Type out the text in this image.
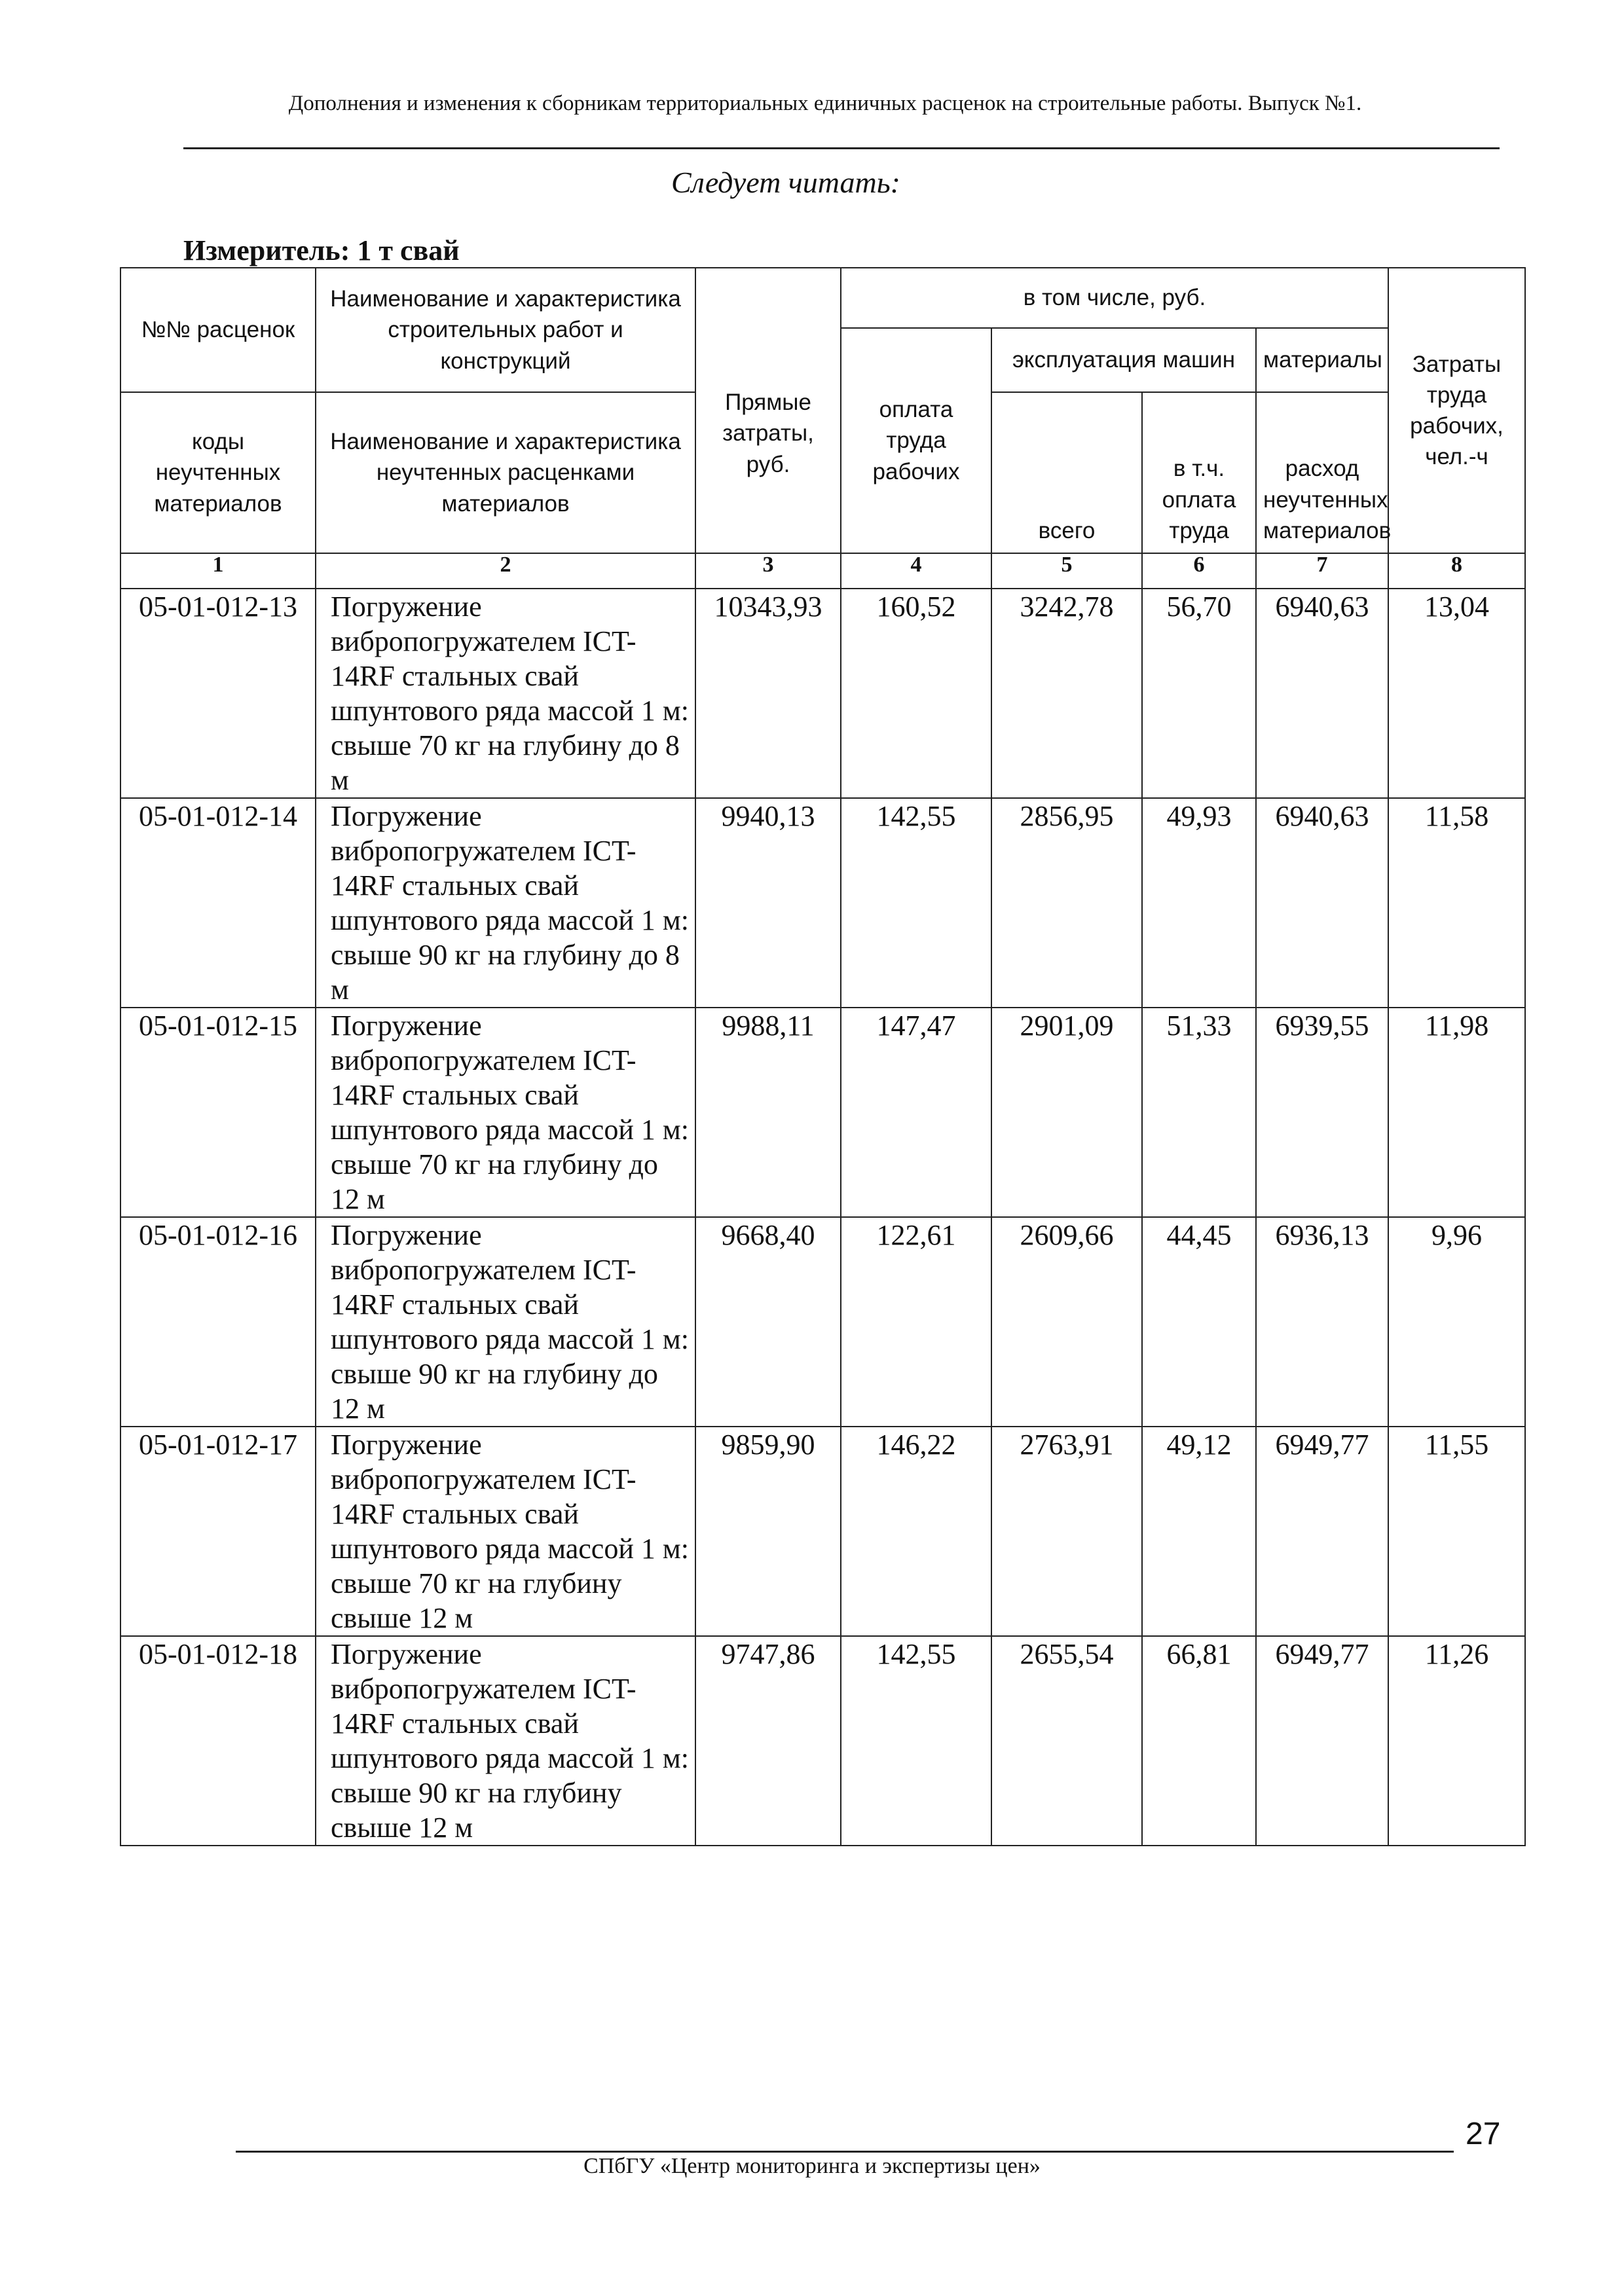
Дополнения и изменения к сборникам территориальных единичных расценок на строительные работы. Выпуск №1.
Следует читать:
Измеритель: 1 т свай
№№ расценок	Наименование и характеристика строительных работ и конструкций	Прямые затраты, руб.	в том числе, руб.				Затраты труда рабочих, чел.-ч
			оплата труда рабочих	эксплуатация машин		материалы	
коды неучтенных материалов	Наименование и характеристика неучтенных расценками материалов			всего	в т.ч. оплата труда	расход неучтенных материалов	
1	2	3	4	5	6	7	8
05-01-012-13	Погружение вибропогружателем ICT-14RF стальных свай шпунтового ряда массой 1 м: свыше 70 кг на глубину до 8 м	10343,93	160,52	3242,78	56,70	6940,63	13,04
05-01-012-14	Погружение вибропогружателем ICT-14RF стальных свай шпунтового ряда массой 1 м: свыше 90 кг на глубину до 8 м	9940,13	142,55	2856,95	49,93	6940,63	11,58
05-01-012-15	Погружение вибропогружателем ICT-14RF стальных свай шпунтового ряда массой 1 м: свыше 70 кг на глубину до 12 м	9988,11	147,47	2901,09	51,33	6939,55	11,98
05-01-012-16	Погружение вибропогружателем ICT-14RF стальных свай шпунтового ряда массой 1 м: свыше 90 кг на глубину до 12 м	9668,40	122,61	2609,66	44,45	6936,13	9,96
05-01-012-17	Погружение вибропогружателем ICT-14RF стальных свай шпунтового ряда массой 1 м: свыше 70 кг на глубину свыше 12 м	9859,90	146,22	2763,91	49,12	6949,77	11,55
05-01-012-18	Погружение вибропогружателем ICT-14RF стальных свай шпунтового ряда массой 1 м: свыше 90 кг на глубину свыше 12 м	9747,86	142,55	2655,54	66,81	6949,77	11,26
27
СПбГУ «Центр мониторинга и экспертизы цен»
